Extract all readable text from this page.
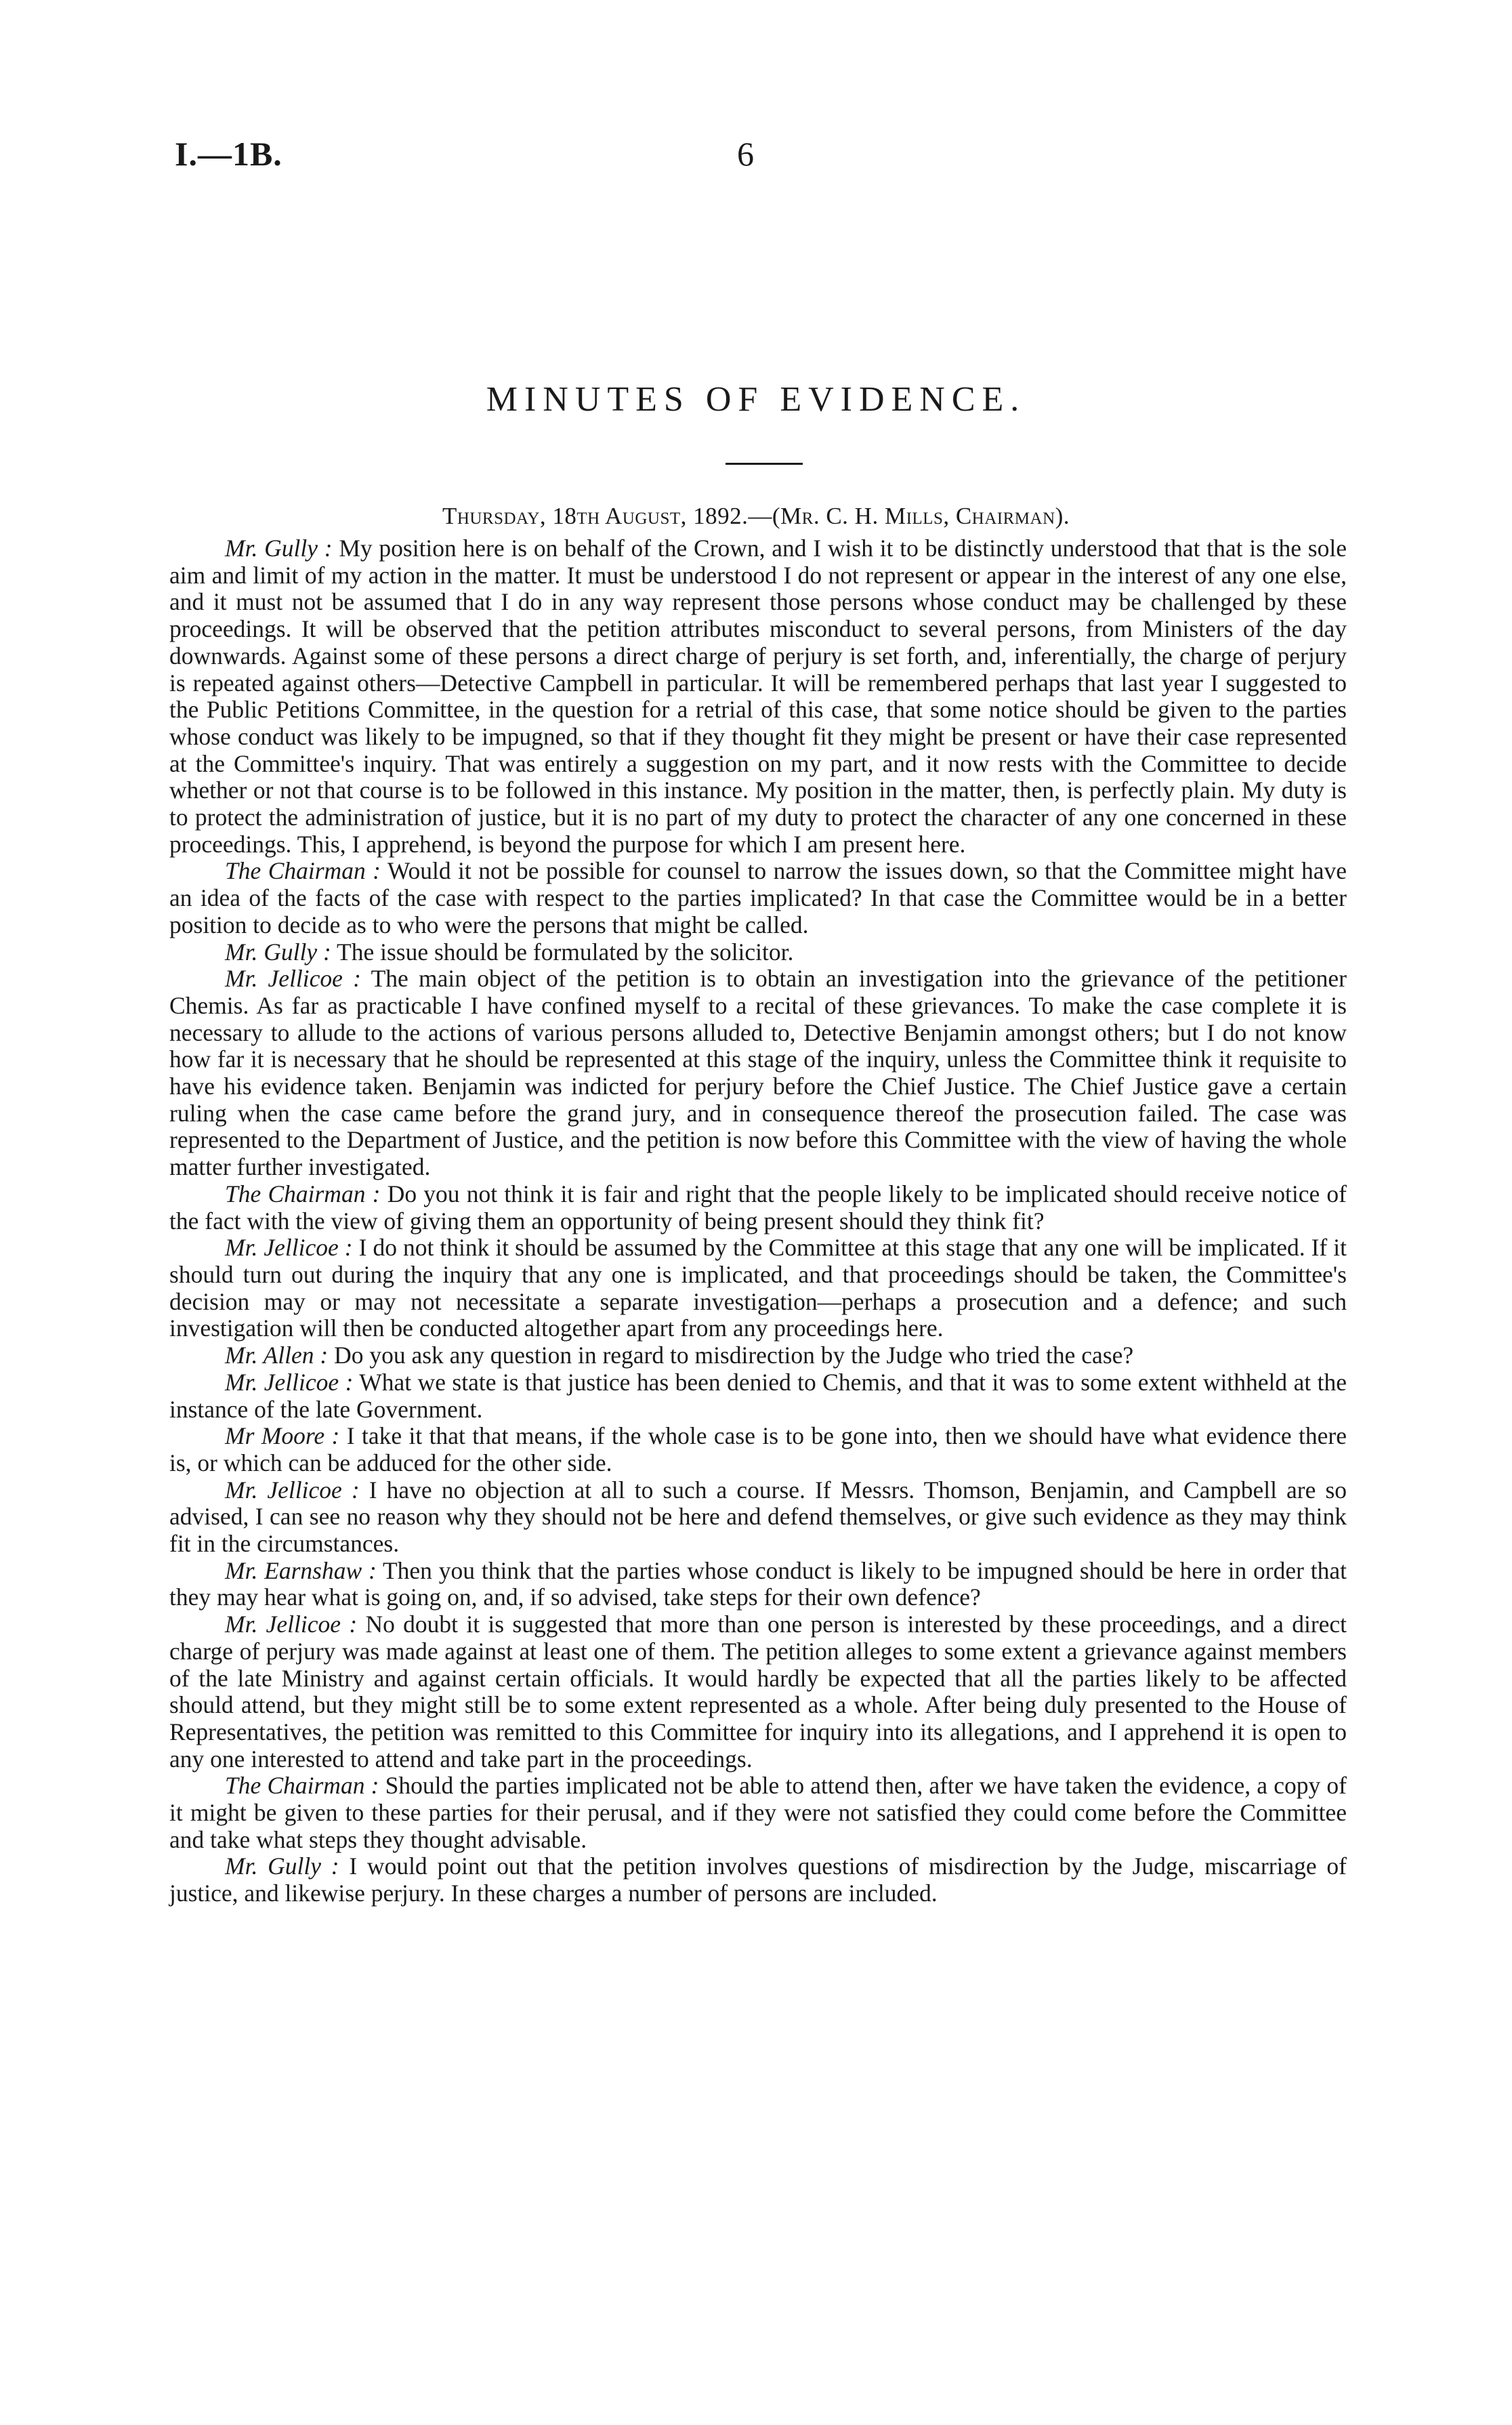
I.—1B.	6
MINUTES OF EVIDENCE.
Thursday, 18th August, 1892.—(Mr. C. H. Mills, Chairman).

Mr. Gully : My position here is on behalf of the Crown, and I wish it to be distinctly understood that that is the sole aim and limit of my action in the matter. It must be understood I do not represent or appear in the interest of any one else, and it must not be assumed that I do in any way represent those persons whose conduct may be challenged by these proceedings. It will be observed that the petition attributes misconduct to several persons, from Ministers of the day downwards. Against some of these persons a direct charge of perjury is set forth, and, inferentially, the charge of perjury is repeated against others—Detective Campbell in particular. It will be remembered perhaps that last year I suggested to the Public Petitions Committee, in the question for a retrial of this case, that some notice should be given to the parties whose conduct was likely to be impugned, so that if they thought fit they might be present or have their case represented at the Committee's inquiry. That was entirely a suggestion on my part, and it now rests with the Committee to decide whether or not that course is to be followed in this instance. My position in the matter, then, is perfectly plain. My duty is to protect the administration of justice, but it is no part of my duty to protect the character of any one concerned in these proceedings. This, I apprehend, is beyond the purpose for which I am present here.

The Chairman : Would it not be possible for counsel to narrow the issues down, so that the Committee might have an idea of the facts of the case with respect to the parties implicated? In that case the Committee would be in a better position to decide as to who were the persons that might be called.

Mr. Gully : The issue should be formulated by the solicitor.

Mr. Jellicoe : The main object of the petition is to obtain an investigation into the grievance of the petitioner Chemis. As far as practicable I have confined myself to a recital of these grievances. To make the case complete it is necessary to allude to the actions of various persons alluded to, Detective Benjamin amongst others; but I do not know how far it is necessary that he should be represented at this stage of the inquiry, unless the Committee think it requisite to have his evidence taken. Benjamin was indicted for perjury before the Chief Justice. The Chief Justice gave a certain ruling when the case came before the grand jury, and in consequence thereof the prosecution failed. The case was represented to the Department of Justice, and the petition is now before this Committee with the view of having the whole matter further investigated.

The Chairman : Do you not think it is fair and right that the people likely to be implicated should receive notice of the fact with the view of giving them an opportunity of being present should they think fit?

Mr. Jellicoe : I do not think it should be assumed by the Committee at this stage that any one will be implicated. If it should turn out during the inquiry that any one is implicated, and that proceedings should be taken, the Committee's decision may or may not necessitate a separate investigation—perhaps a prosecution and a defence; and such investigation will then be conducted altogether apart from any proceedings here.

Mr. Allen : Do you ask any question in regard to misdirection by the Judge who tried the case?

Mr. Jellicoe : What we state is that justice has been denied to Chemis, and that it was to some extent withheld at the instance of the late Government.

Mr Moore : I take it that that means, if the whole case is to be gone into, then we should have what evidence there is, or which can be adduced for the other side.

Mr. Jellicoe : I have no objection at all to such a course. If Messrs. Thomson, Benjamin, and Campbell are so advised, I can see no reason why they should not be here and defend themselves, or give such evidence as they may think fit in the circumstances.

Mr. Earnshaw : Then you think that the parties whose conduct is likely to be impugned should be here in order that they may hear what is going on, and, if so advised, take steps for their own defence?

Mr. Jellicoe : No doubt it is suggested that more than one person is interested by these proceedings, and a direct charge of perjury was made against at least one of them. The petition alleges to some extent a grievance against members of the late Ministry and against certain officials. It would hardly be expected that all the parties likely to be affected should attend, but they might still be to some extent represented as a whole. After being duly presented to the House of Representatives, the petition was remitted to this Committee for inquiry into its allegations, and I apprehend it is open to any one interested to attend and take part in the proceedings.

The Chairman : Should the parties implicated not be able to attend then, after we have taken the evidence, a copy of it might be given to these parties for their perusal, and if they were not satisfied they could come before the Committee and take what steps they thought advisable.

Mr. Gully : I would point out that the petition involves questions of misdirection by the Judge, miscarriage of justice, and likewise perjury. In these charges a number of persons are included.
